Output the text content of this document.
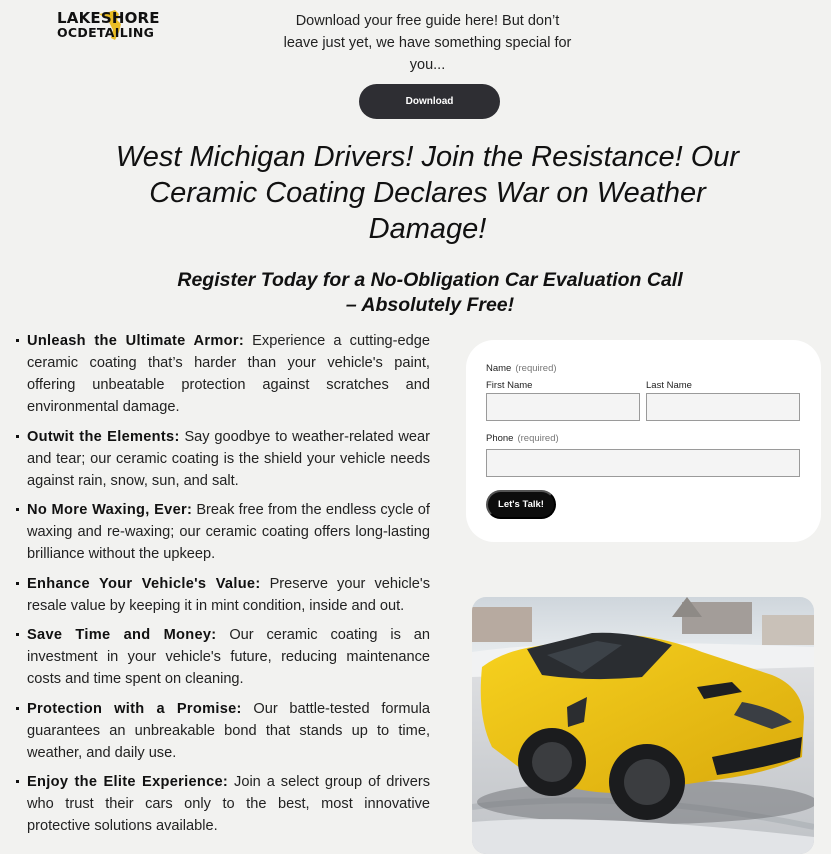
LAKESHORE
OCDETAILING
Download your free guide here! But don’t leave just yet, we have something special for you...
Download
West Michigan Drivers! Join the Resistance! Our Ceramic Coating Declares War on Weather Damage!
Register Today for a No-Obligation Car Evaluation Call – Absolutely Free!
Unleash the Ultimate Armor: Experience a cutting-edge ceramic coating that’s harder than your vehicle's paint, offering unbeatable protection against scratches and environmental damage.
Outwit the Elements: Say goodbye to weather-related wear and tear; our ceramic coating is the shield your vehicle needs against rain, snow, sun, and salt.
No More Waxing, Ever: Break free from the endless cycle of waxing and re-waxing; our ceramic coating offers long-lasting brilliance without the upkeep.
Enhance Your Vehicle's Value: Preserve your vehicle's resale value by keeping it in mint condition, inside and out.
Save Time and Money: Our ceramic coating is an investment in your vehicle's future, reducing maintenance costs and time spent on cleaning.
Protection with a Promise: Our battle-tested formula guarantees an unbreakable bond that stands up to time, weather, and daily use.
Enjoy the Elite Experience: Join a select group of drivers who trust their cars only to the best, most innovative protective solutions available.
Name (required)
First Name	Last Name
Phone (required)
Let's Talk!
